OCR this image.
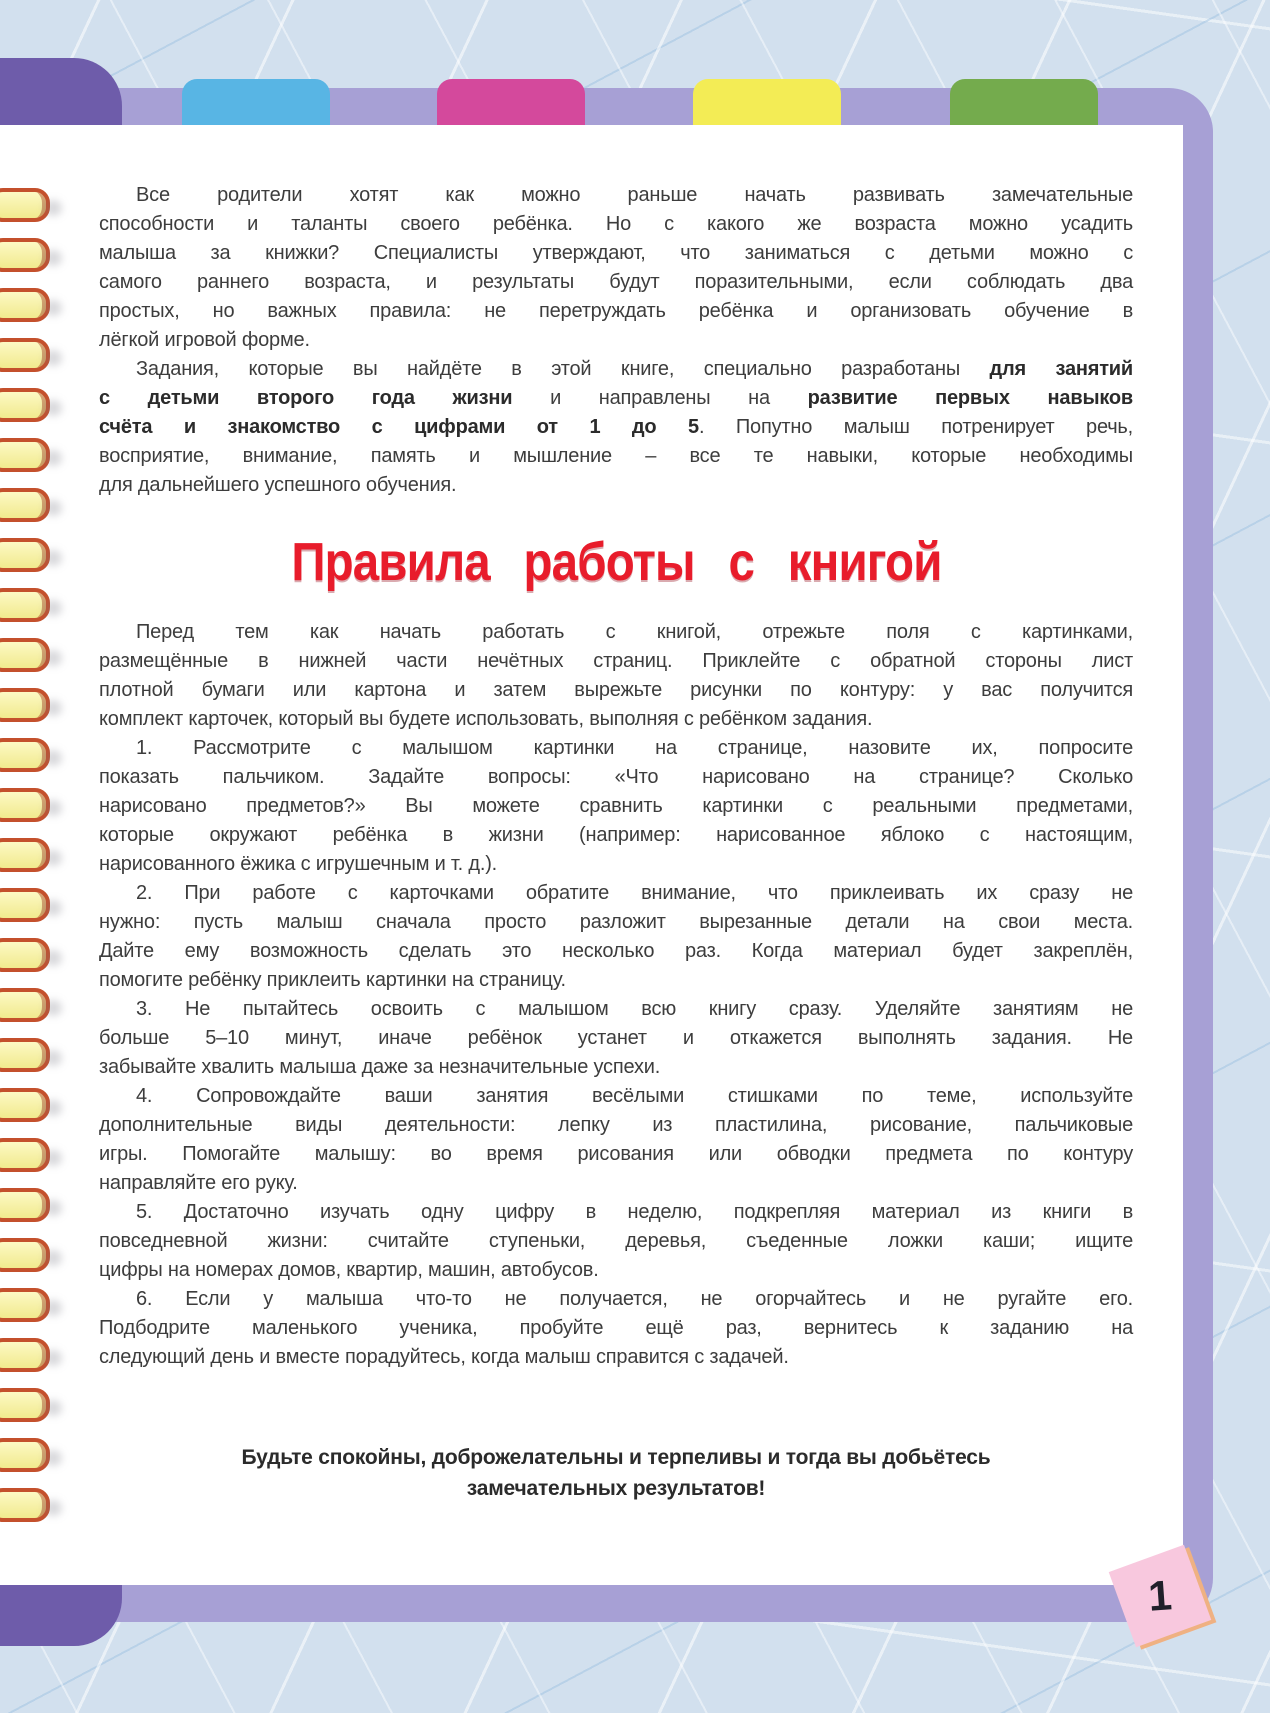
Все родители хотят как можно раньше начать развивать замечательные
способности и таланты своего ребёнка. Но с какого же возраста можно усадить
малыша за книжки? Специалисты утверждают, что заниматься с детьми можно с
самого раннего возраста, и результаты будут поразительными, если соблюдать два
простых, но важных правила: не перетруждать ребёнка и организовать обучение в
лёгкой игровой форме.

Задания, которые вы найдёте в этой книге, специально разработаны для занятий
с детьми второго года жизни и направлены на развитие первых навыков
счёта и знакомство с цифрами от 1 до 5. Попутно малыш потренирует речь,
восприятие, внимание, память и мышление – все те навыки, которые необходимы
для дальнейшего успешного обучения.

Правила работы с книгой

Перед тем как начать работать с книгой, отрежьте поля с картинками,
размещённые в нижней части нечётных страниц. Приклейте с обратной стороны лист
плотной бумаги или картона и затем вырежьте рисунки по контуру: у вас получится
комплект карточек, который вы будете использовать, выполняя с ребёнком задания.

1. Рассмотрите с малышом картинки на странице, назовите их, попросите
показать пальчиком. Задайте вопросы: «Что нарисовано на странице? Сколько
нарисовано предметов?» Вы можете сравнить картинки с реальными предметами,
которые окружают ребёнка в жизни (например: нарисованное яблоко с настоящим,
нарисованного ёжика с игрушечным и т. д.).

2. При работе с карточками обратите внимание, что приклеивать их сразу не
нужно: пусть малыш сначала просто разложит вырезанные детали на свои места.
Дайте ему возможность сделать это несколько раз. Когда материал будет закреплён,
помогите ребёнку приклеить картинки на страницу.

3. Не пытайтесь освоить с малышом всю книгу сразу. Уделяйте занятиям не
больше 5–10 минут, иначе ребёнок устанет и откажется выполнять задания. Не
забывайте хвалить малыша даже за незначительные успехи.

4. Сопровождайте ваши занятия весёлыми стишками по теме, используйте
дополнительные виды деятельности: лепку из пластилина, рисование, пальчиковые
игры. Помогайте малышу: во время рисования или обводки предмета по контуру
направляйте его руку.

5. Достаточно изучать одну цифру в неделю, подкрепляя материал из книги в
повседневной жизни: считайте ступеньки, деревья, съеденные ложки каши; ищите
цифры на номерах домов, квартир, машин, автобусов.

6. Если у малыша что-то не получается, не огорчайтесь и не ругайте его.
Подбодрите маленького ученика, пробуйте ещё раз, вернитесь к заданию на
следующий день и вместе порадуйтесь, когда малыш справится с задачей.

Будьте спокойны, доброжелательны и терпеливы и тогда вы добьётесь
замечательных результатов!
1
